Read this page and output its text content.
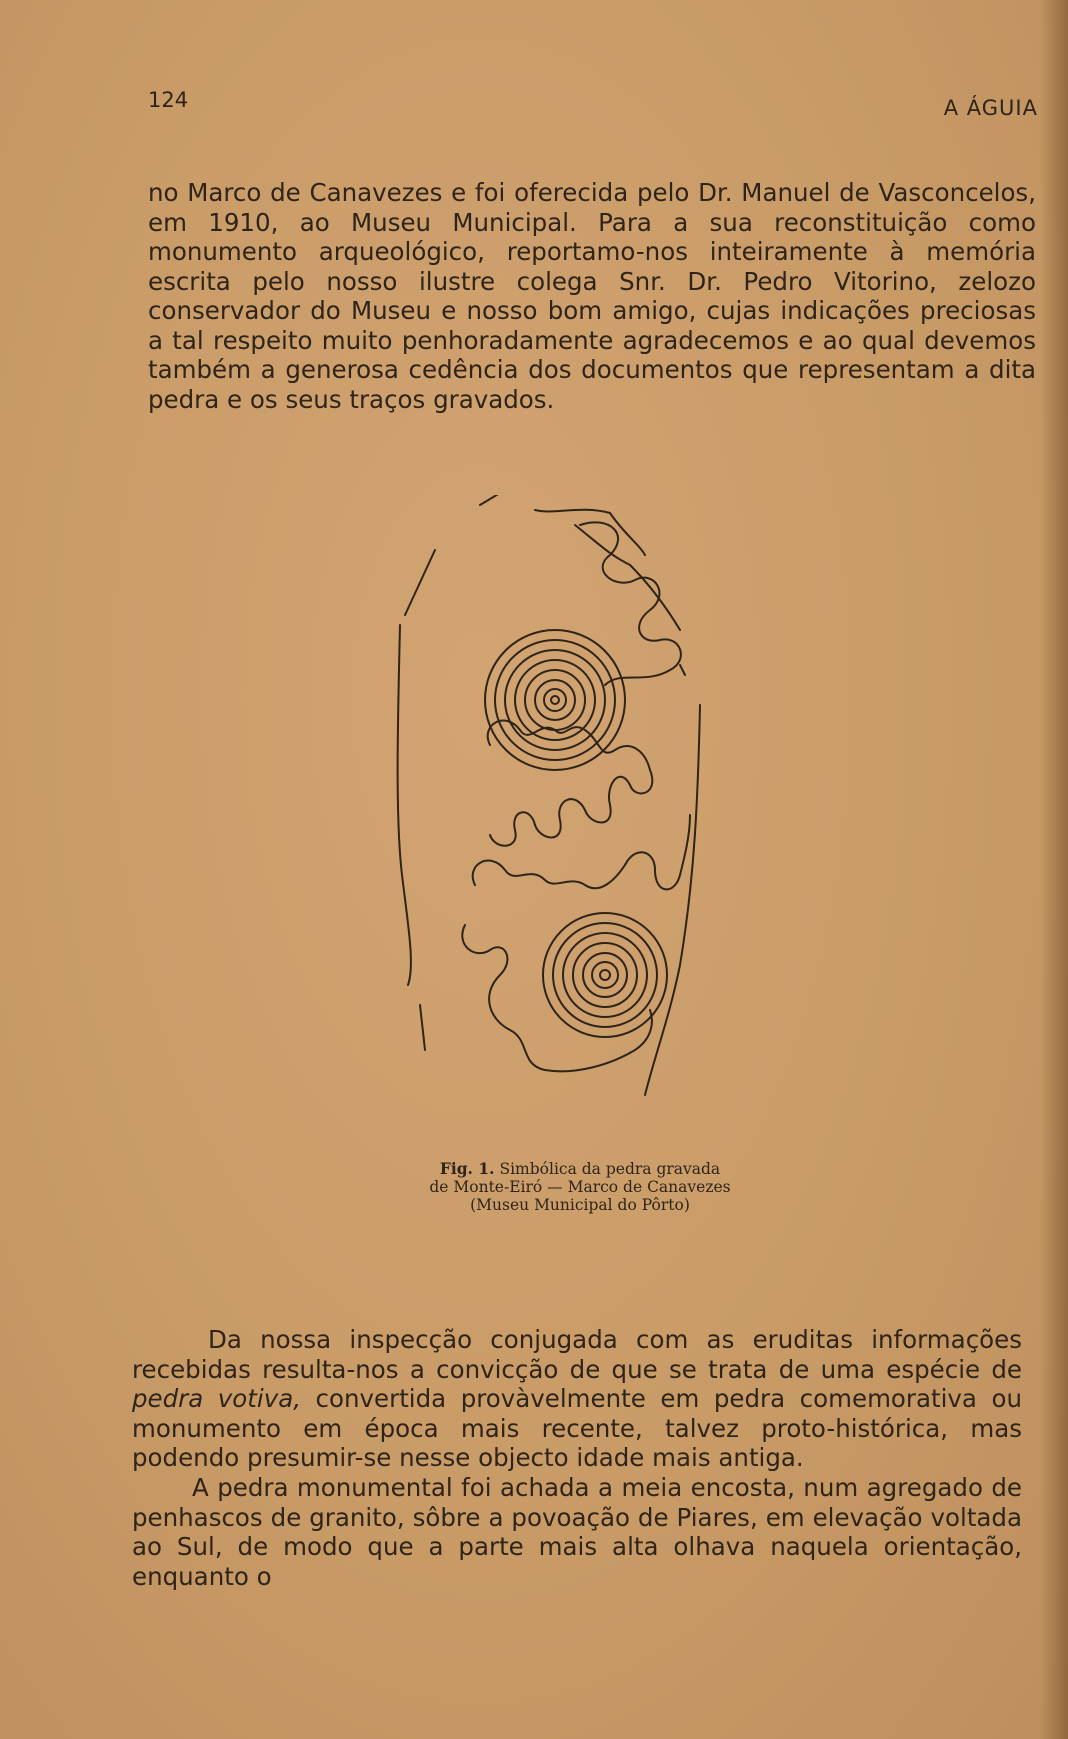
124	A ÁGUIA

no Marco de Canavezes e foi oferecida pelo Dr. Manuel de Vasconcelos, em 1910, ao Museu Municipal. Para a sua reconstituição como monumento arqueológico, reportamo-nos inteiramente à memória escrita pelo nosso ilustre colega Snr. Dr. Pedro Vitorino, zelozo conservador do Museu e nosso bom amigo, cujas indicações preciosas a tal respeito muito penhoradamente agradecemos e ao qual devemos também a generosa cedência dos documentos que representam a dita pedra e os seus traços gravados.

Fig. 1. Simbólica da pedra gravada
de Monte-Eiró — Marco de Canavezes
(Museu Municipal do Pôrto)

Da nossa inspecção conjugada com as eruditas informações recebidas resulta-nos a convicção de que se trata de uma espécie de pedra votiva, convertida provàvelmente em pedra comemorativa ou monumento em época mais recente, talvez proto-histórica, mas podendo presumir-se nesse objecto idade mais antiga.

A pedra monumental foi achada a meia encosta, num agregado de penhascos de granito, sôbre a povoação de Piares, em elevação voltada ao Sul, de modo que a parte mais alta olhava naquela orientação, enquanto o
